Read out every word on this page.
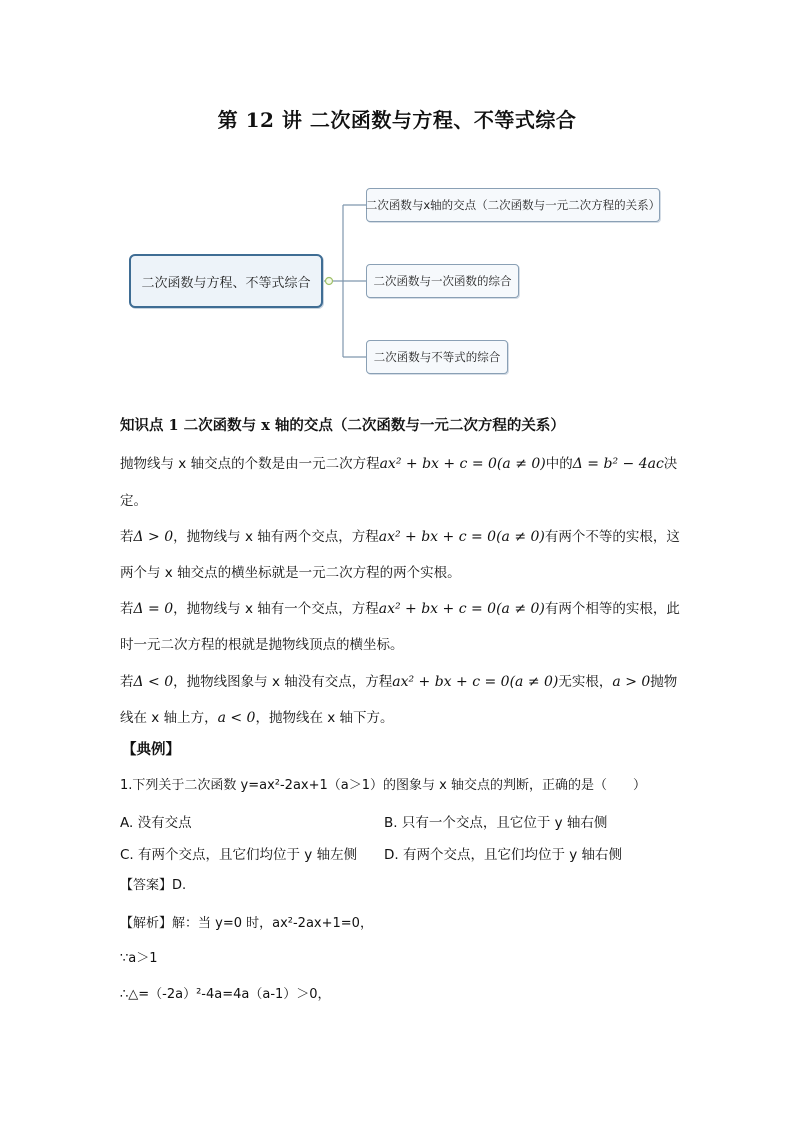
第 12 讲 二次函数与方程、不等式综合
二次函数与方程、不等式综合
二次函数与x轴的交点（二次函数与一元二次方程的关系）
二次函数与一次函数的综合
二次函数与不等式的综合
知识点 1 二次函数与 x 轴的交点（二次函数与一元二次方程的关系）
抛物线与 x 轴交点的个数是由一元二次方程ax² + bx + c = 0(a ≠ 0)中的Δ = b² − 4ac决
定。
若Δ > 0，抛物线与 x 轴有两个交点，方程ax² + bx + c = 0(a ≠ 0)有两个不等的实根，这
两个与 x 轴交点的横坐标就是一元二次方程的两个实根。
若Δ = 0，抛物线与 x 轴有一个交点，方程ax² + bx + c = 0(a ≠ 0)有两个相等的实根，此
时一元二次方程的根就是抛物线顶点的横坐标。
若Δ < 0，抛物线图象与 x 轴没有交点，方程ax² + bx + c = 0(a ≠ 0)无实根，a > 0抛物
线在 x 轴上方，a < 0，抛物线在 x 轴下方。
【典例】
1.下列关于二次函数 y=ax²-2ax+1（a＞1）的图象与 x 轴交点的判断，正确的是（　　）
A. 没有交点	B. 只有一个交点，且它位于 y 轴右侧
C. 有两个交点，且它们均位于 y 轴左侧 D. 有两个交点，且它们均位于 y 轴右侧
【答案】D.
【解析】解：当 y=0 时，ax²-2ax+1=0，
∵a＞1
∴△=（-2a）²-4a=4a（a-1）＞0，
